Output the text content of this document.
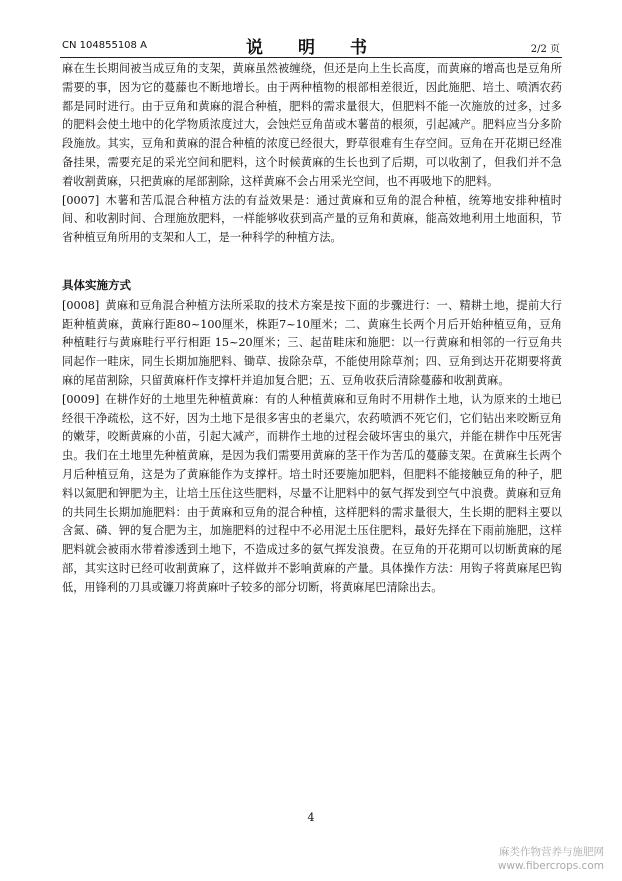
CN 104855108 A	说　明　书	2/2 页

麻在生长期间被当成豆角的支架，黄麻虽然被缠绕，但还是向上生长高度，而黄麻的增高也是豆角所需要的事，因为它的蔓藤也不断地增长。由于两种植物的根部相差很近，因此施肥、培土、喷洒农药都是同时进行。由于豆角和黄麻的混合种植，肥料的需求量很大，但肥料不能一次施放的过多，过多的肥料会使土地中的化学物质浓度过大，会蚀烂豆角苗或木薯苗的根须，引起减产。肥料应当分多阶段施放。其实，豆角和黄麻的混合种植的浓度已经很大，野草很难有生存空间。豆角在开花期已经准备挂果，需要充足的采光空间和肥料，这个时候黄麻的生长也到了后期，可以收割了，但我们并不急着收割黄麻，只把黄麻的尾部割除，这样黄麻不会占用采光空间，也不再吸地下的肥料。

[0007] 木薯和苦瓜混合种植方法的有益效果是：通过黄麻和豆角的混合种植，统筹地安排种植时间、和收割时间、合理施放肥料，一样能够收获到高产量的豆角和黄麻，能高效地利用土地面积，节省种植豆角所用的支架和人工，是一种科学的种植方法。

具体实施方式

[0008] 黄麻和豆角混合种植方法所采取的技术方案是按下面的步骤进行：一、精耕土地，提前大行距种植黄麻，黄麻行距80~100厘米，株距7~10厘米；二、黄麻生长两个月后开始种植豆角，豆角种植畦行与黄麻畦行平行相距 15~20厘米；三、起苗畦床和施肥：以一行黄麻和相邻的一行豆角共同起作一畦床，同生长期加施肥料、锄草、拔除杂草，不能使用除草剂；四、豆角到达开花期要将黄麻的尾苗割除，只留黄麻杆作支撑杆并追加复合肥；五、豆角收获后清除蔓藤和收割黄麻。

[0009] 在耕作好的土地里先种植黄麻：有的人种植黄麻和豆角时不用耕作土地，认为原来的土地已经很干净疏松，这不好，因为土地下是很多害虫的老巢穴，农药喷洒不死它们，它们钻出来咬断豆角的嫩芽，咬断黄麻的小苗，引起大减产，而耕作土地的过程会破坏害虫的巢穴，并能在耕作中压死害虫。我们在土地里先种植黄麻，是因为我们需要用黄麻的茎干作为苦瓜的蔓藤支架。在黄麻生长两个月后种植豆角，这是为了黄麻能作为支撑杆。培土时还要施加肥料，但肥料不能接触豆角的种子，肥料以氮肥和钾肥为主，让培土压住这些肥料，尽量不让肥料中的氨气挥发到空气中浪费。黄麻和豆角的共同生长期加施肥料：由于黄麻和豆角的混合种植，这样肥料的需求量很大，生长期的肥料主要以含氮、磷、钾的复合肥为主，加施肥料的过程中不必用泥土压住肥料，最好先择在下雨前施肥，这样肥料就会被雨水带着渗透到土地下，不造成过多的氨气挥发浪费。在豆角的开花期可以切断黄麻的尾部，其实这时已经可收割黄麻了，这样做并不影响黄麻的产量。具体操作方法：用钩子将黄麻尾巴钩低，用锋利的刀具或镰刀将黄麻叶子较多的部分切断，将黄麻尾巴清除出去。

4
麻类作物营养与施肥网
www.fibercrops.com
